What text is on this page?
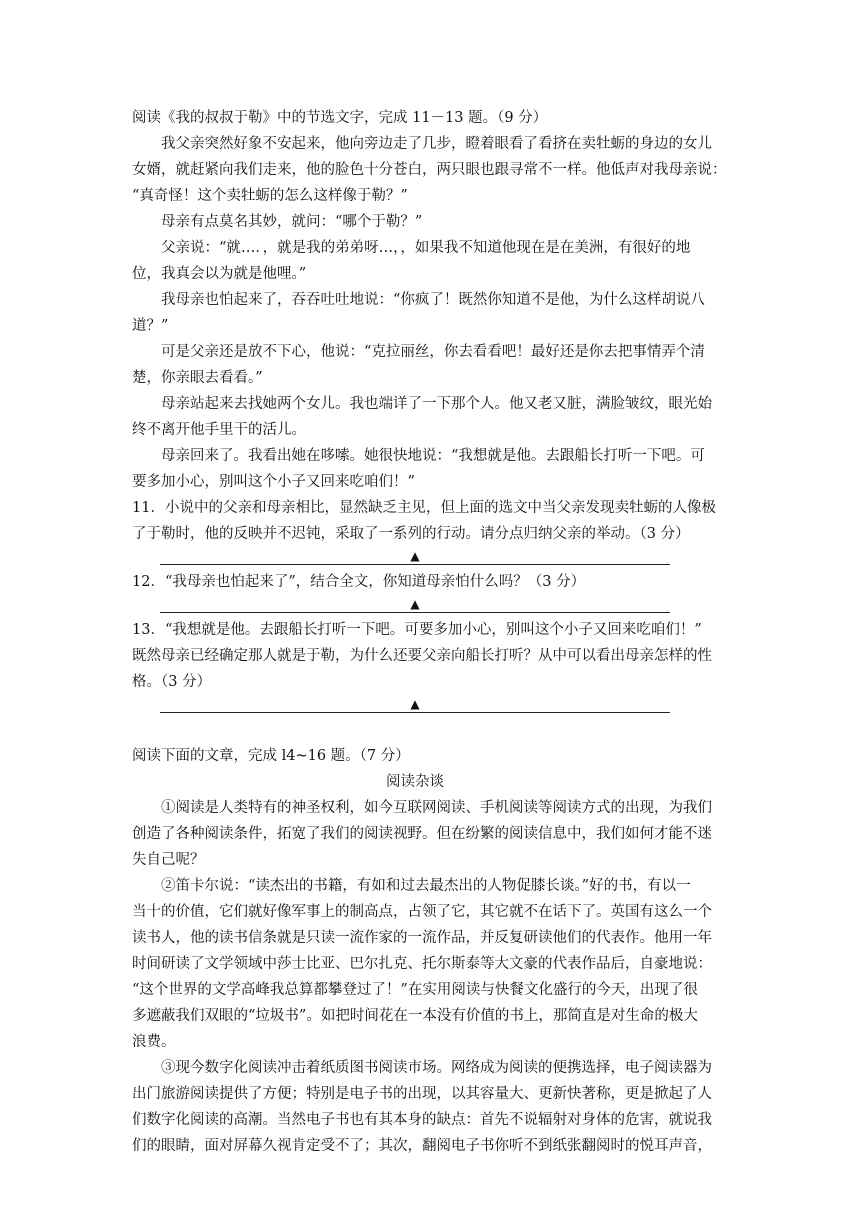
阅读《我的叔叔于勒》中的节选文字，完成 11－13 题。（9 分）
我父亲突然好象不安起来，他向旁边走了几步，瞪着眼看了看挤在卖牡蛎的身边的女儿
女婿，就赶紧向我们走来，他的脸色十分苍白，两只眼也跟寻常不一样。他低声对我母亲说：
“真奇怪！这个卖牡蛎的怎么这样像于勒？”
母亲有点莫名其妙，就问：“哪个于勒？”
父亲说：“就…．，就是我的弟弟呀…，，如果我不知道他现在是在美洲，有很好的地
位，我真会以为就是他哩。”
我母亲也怕起来了，吞吞吐吐地说：“你疯了！既然你知道不是他，为什么这样胡说八
道？”
可是父亲还是放不下心，他说：“克拉丽丝，你去看看吧！最好还是你去把事情弄个清
楚，你亲眼去看看。”
母亲站起来去找她两个女儿。我也端详了一下那个人。他又老又脏，满脸皱纹，眼光始
终不离开他手里干的活儿。
母亲回来了。我看出她在哆嗦。她很快地说：“我想就是他。去跟船长打听一下吧。可
要多加小心，别叫这个小子又回来吃咱们！”
11．小说中的父亲和母亲相比，显然缺乏主见，但上面的选文中当父亲发现卖牡蛎的人像极
了于勒时，他的反映并不迟钝，采取了一系列的行动。请分点归纳父亲的举动。（3 分）
▲
12．“我母亲也怕起来了”，结合全文，你知道母亲怕什么吗？（3 分）
▲
13．“我想就是他。去跟船长打听一下吧。可要多加小心，别叫这个小子又回来吃咱们！”
既然母亲已经确定那人就是于勒，为什么还要父亲向船长打听？从中可以看出母亲怎样的性
格。（3 分）
▲
阅读下面的文章，完成 l4~16 题。（7 分）
阅读杂谈
①阅读是人类特有的神圣权利，如今互联网阅读、手机阅读等阅读方式的出现，为我们
创造了各种阅读条件，拓宽了我们的阅读视野。但在纷繁的阅读信息中，我们如何才能不迷
失自己呢？
②笛卡尔说：“读杰出的书籍，有如和过去最杰出的人物促膝长谈。”好的书，有以一
当十的价值，它们就好像军事上的制高点，占领了它，其它就不在话下了。英国有这么一个
读书人，他的读书信条就是只读一流作家的一流作品，并反复研读他们的代表作。他用一年
时间研读了文学领域中莎士比亚、巴尔扎克、托尔斯泰等大文豪的代表作品后，自豪地说：
“这个世界的文学高峰我总算都攀登过了！”在实用阅读与快餐文化盛行的今天，出现了很
多遮蔽我们双眼的“垃圾书”。如把时间花在一本没有价值的书上，那简直是对生命的极大
浪费。
③现今数字化阅读冲击着纸质图书阅读市场。网络成为阅读的便携选择，电子阅读器为
出门旅游阅读提供了方便；特别是电子书的出现，以其容量大、更新快著称，更是掀起了人
们数字化阅读的高潮。当然电子书也有其本身的缺点：首先不说辐射对身体的危害，就说我
们的眼睛，面对屏幕久视肯定受不了；其次，翻阅电子书你听不到纸张翻阅时的悦耳声音，
